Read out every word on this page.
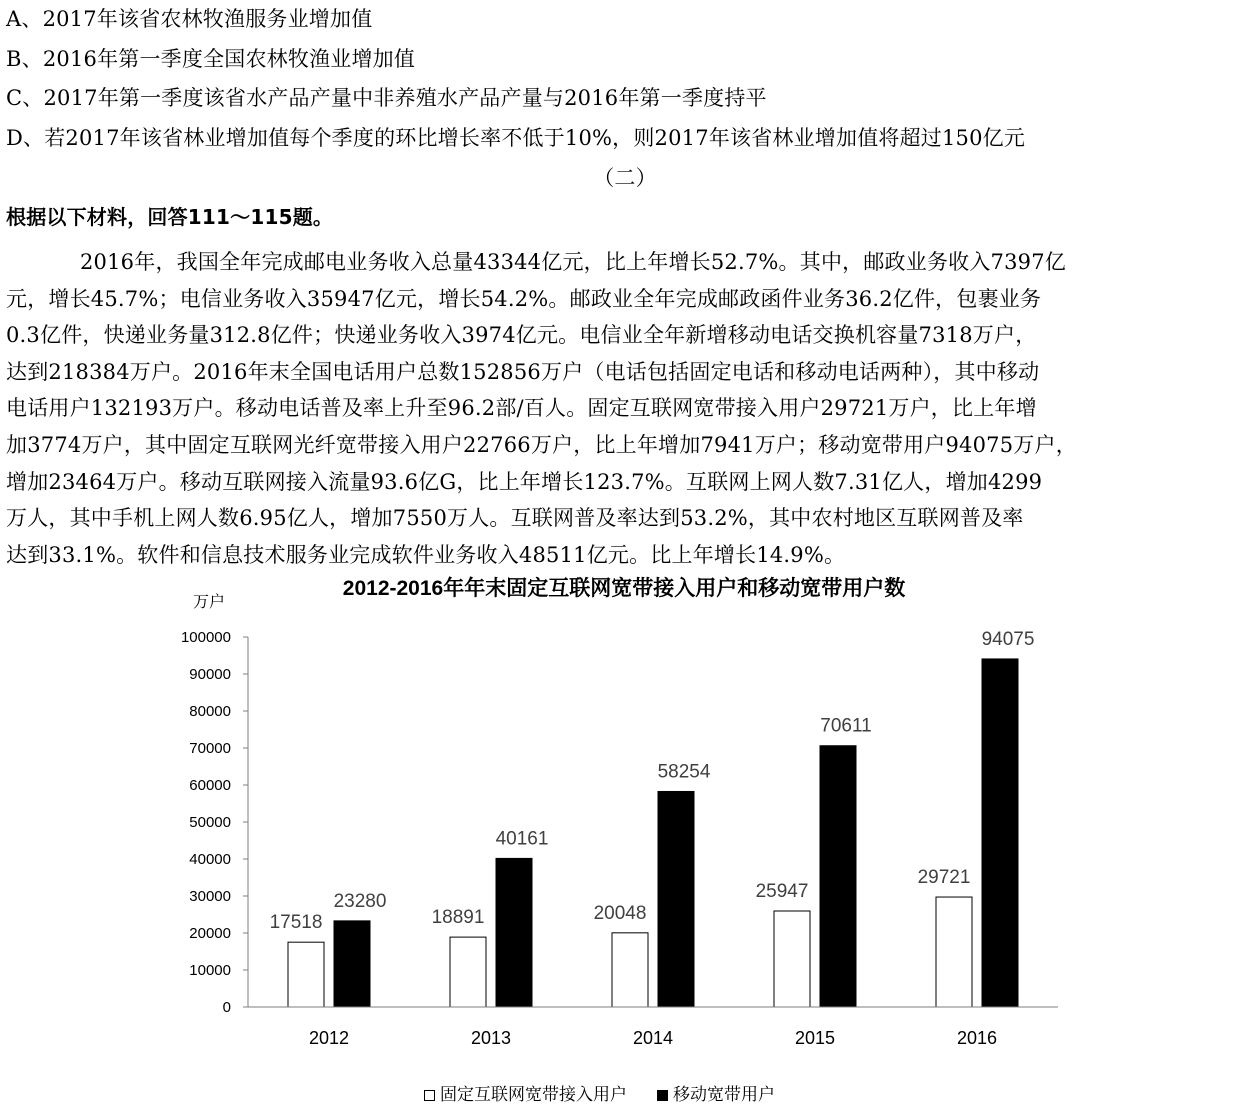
A、2017年该省农林牧渔服务业增加值
B、2016年第一季度全国农林牧渔业增加值
C、2017年第一季度该省水产品产量中非养殖水产品产量与2016年第一季度持平
D、若2017年该省林业增加值每个季度的环比增长率不低于10%，则2017年该省林业增加值将超过150亿元
（二）
根据以下材料，回答111～115题。
2016年，我国全年完成邮电业务收入总量43344亿元，比上年增长52.7%。其中，邮政业务收入7397亿
元，增长45.7%；电信业务收入35947亿元，增长54.2%。邮政业全年完成邮政函件业务36.2亿件，包裹业务
0.3亿件，快递业务量312.8亿件；快递业务收入3974亿元。电信业全年新增移动电话交换机容量7318万户，
达到218384万户。2016年末全国电话用户总数152856万户（电话包括固定电话和移动电话两种），其中移动
电话用户132193万户。移动电话普及率上升至96.2部/百人。固定互联网宽带接入用户29721万户，比上年增
加3774万户，其中固定互联网光纤宽带接入用户22766万户，比上年增加7941万户；移动宽带用户94075万户，
增加23464万户。移动互联网接入流量93.6亿G，比上年增长123.7%。互联网上网人数7.31亿人，增加4299
万人，其中手机上网人数6.95亿人，增加7550万人。互联网普及率达到53.2%，其中农村地区互联网普及率
达到33.1%。软件和信息技术服务业完成软件业务收入48511亿元。比上年增长14.9%。
2012-2016年年末固定互联网宽带接入用户和移动宽带用户数
万户
0
10000
20000
30000
40000
50000
60000
70000
80000
90000
100000
17518
23280
18891
40161
20048
58254
25947
70611
29721
94075
2012	2013	2014	2015	2016
固定互联网宽带接入用户	移动宽带用户
